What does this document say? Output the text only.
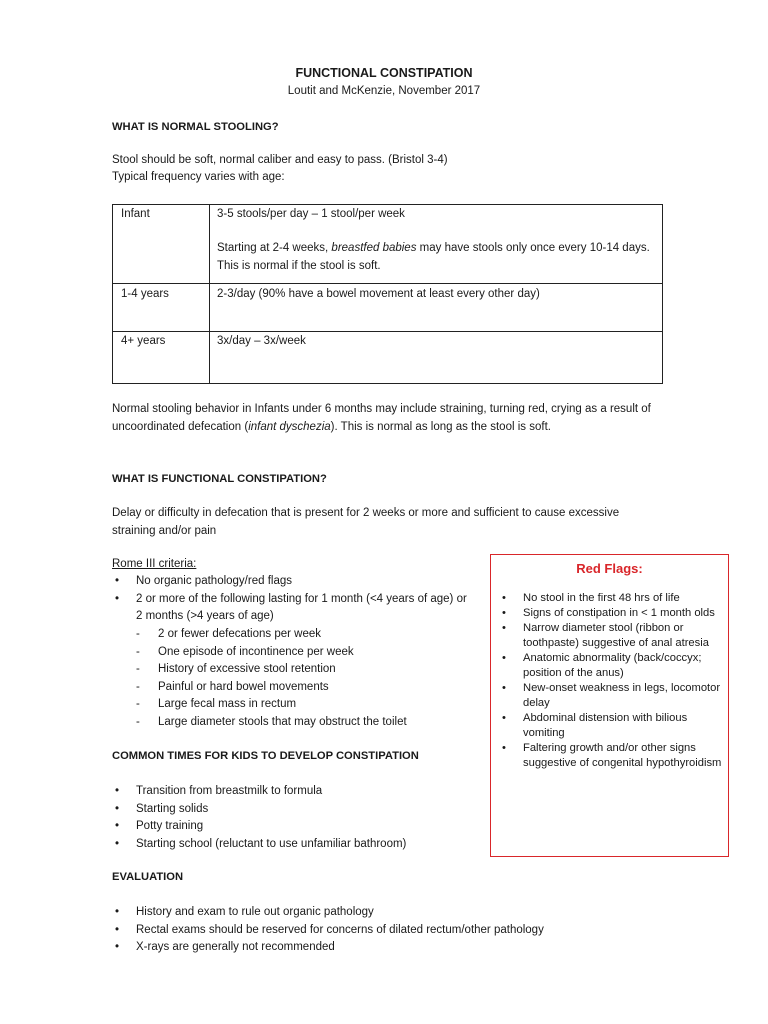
FUNCTIONAL CONSTIPATION
Loutit and McKenzie, November 2017
WHAT IS NORMAL STOOLING?
Stool should be soft, normal caliber and easy to pass. (Bristol 3-4)
Typical frequency varies with age:
Infant	3-5 stools/per day – 1 stool/per week
Starting at 2-4 weeks, breastfed babies may have stools only once every 10-14 days. This is normal if the stool is soft.
1-4 years	2-3/day (90% have a bowel movement at least every other day)
4+ years	3x/day – 3x/week
Normal stooling behavior in Infants under 6 months may include straining, turning red, crying as a result of uncoordinated defecation (infant dyschezia). This is normal as long as the stool is soft.
WHAT IS FUNCTIONAL CONSTIPATION?
Delay or difficulty in defecation that is present for 2 weeks or more and sufficient to cause excessive straining and/or pain
Rome III criteria:
• No organic pathology/red flags
• 2 or more of the following lasting for 1 month (<4 years of age) or 2 months (>4 years of age)
- 2 or fewer defecations per week
- One episode of incontinence per week
- History of excessive stool retention
- Painful or hard bowel movements
- Large fecal mass in rectum
- Large diameter stools that may obstruct the toilet
COMMON TIMES FOR KIDS TO DEVELOP CONSTIPATION
• Transition from breastmilk to formula
• Starting solids
• Potty training
• Starting school (reluctant to use unfamiliar bathroom)
EVALUATION
• History and exam to rule out organic pathology
• Rectal exams should be reserved for concerns of dilated rectum/other pathology
• X-rays are generally not recommended
Red Flags:
• No stool in the first 48 hrs of life
• Signs of constipation in < 1 month olds
• Narrow diameter stool (ribbon or toothpaste) suggestive of anal atresia
• Anatomic abnormality (back/coccyx; position of the anus)
• New-onset weakness in legs, locomotor delay
• Abdominal distension with bilious vomiting
• Faltering growth and/or other signs suggestive of congenital hypothyroidism
